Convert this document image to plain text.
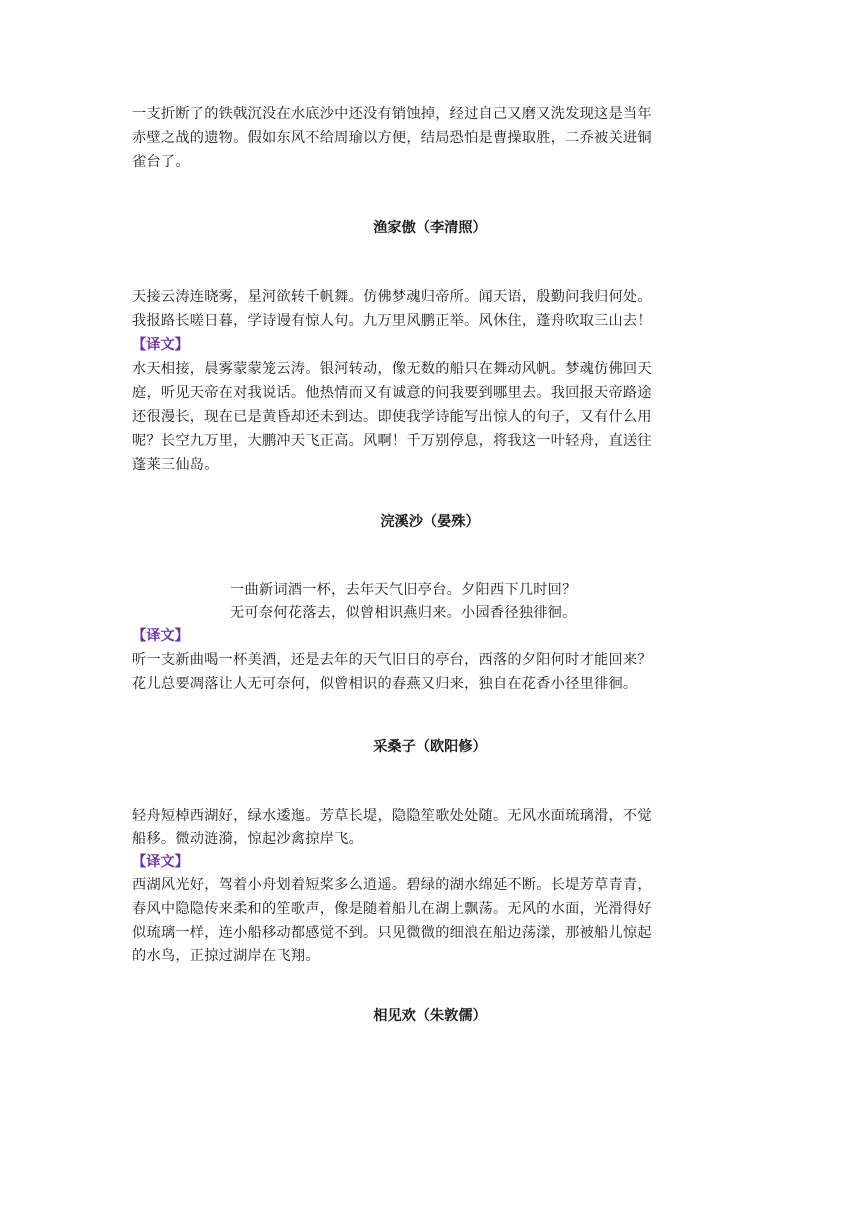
一支折断了的铁戟沉没在水底沙中还没有销蚀掉，经过自己又磨又洗发现这是当年
赤壁之战的遗物。假如东风不给周瑜以方便，结局恐怕是曹操取胜，二乔被关进铜
雀台了。
渔家傲（李清照）
天接云涛连晓雾，星河欲转千帆舞。仿佛梦魂归帝所。闻天语，殷勤问我归何处。
我报路长嗟日暮，学诗谩有惊人句。九万里风鹏正举。风休住，蓬舟吹取三山去！
【译文】
水天相接，晨雾蒙蒙笼云涛。银河转动，像无数的船只在舞动风帆。梦魂仿佛回天
庭，听见天帝在对我说话。他热情而又有诚意的问我要到哪里去。我回报天帝路途
还很漫长，现在已是黄昏却还未到达。即使我学诗能写出惊人的句子，又有什么用
呢？长空九万里，大鹏冲天飞正高。风啊！千万别停息，将我这一叶轻舟，直送往
蓬莱三仙岛。
浣溪沙（晏殊）
一曲新词酒一杯，去年天气旧亭台。夕阳西下几时回？
无可奈何花落去，似曾相识燕归来。小园香径独徘徊。
【译文】
听一支新曲喝一杯美酒，还是去年的天气旧日的亭台，西落的夕阳何时才能回来？
花儿总要凋落让人无可奈何，似曾相识的春燕又归来，独自在花香小径里徘徊。
采桑子（欧阳修）
轻舟短棹西湖好，绿水逶迤。芳草长堤，隐隐笙歌处处随。无风水面琉璃滑，不觉
船移。微动涟漪，惊起沙禽掠岸飞。
【译文】
西湖风光好，驾着小舟划着短桨多么逍遥。碧绿的湖水绵延不断。长堤芳草青青，
春风中隐隐传来柔和的笙歌声，像是随着船儿在湖上飘荡。无风的水面，光滑得好
似琉璃一样，连小船移动都感觉不到。只见微微的细浪在船边荡漾，那被船儿惊起
的水鸟，正掠过湖岸在飞翔。
相见欢（朱敦儒）
